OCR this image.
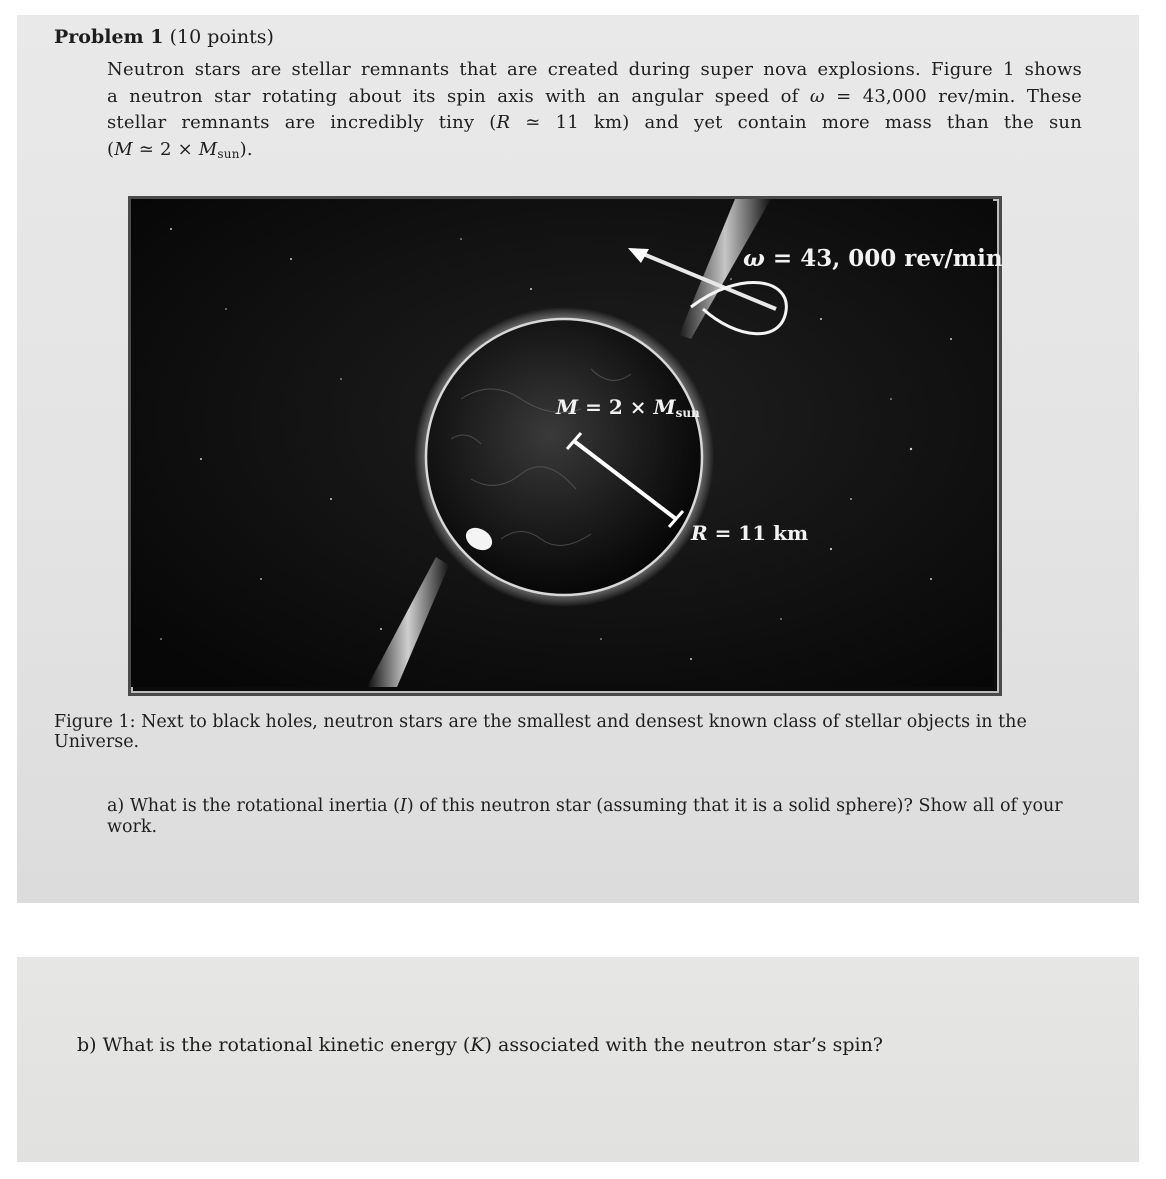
Problem 1 (10 points)
Neutron stars are stellar remnants that are created during super nova explosions. Figure 1 shows
a neutron star rotating about its spin axis with an angular speed of ω = 43,000 rev/min. These
stellar remnants are incredibly tiny (R ≃ 11 km) and yet contain more mass than the sun
(M ≃ $2 \times M_{sun}$).
ω = 43, 000 rev/min
$M = 2 \times M_{sun}$
R = 11 km
Figure 1: Next to black holes, neutron stars are the smallest and densest known class of stellar objects in the Universe.
a) What is the rotational inertia (I) of this neutron star (assuming that it is a solid sphere)? Show all of your work.
b) What is the rotational kinetic energy (K) associated with the neutron star’s spin?
